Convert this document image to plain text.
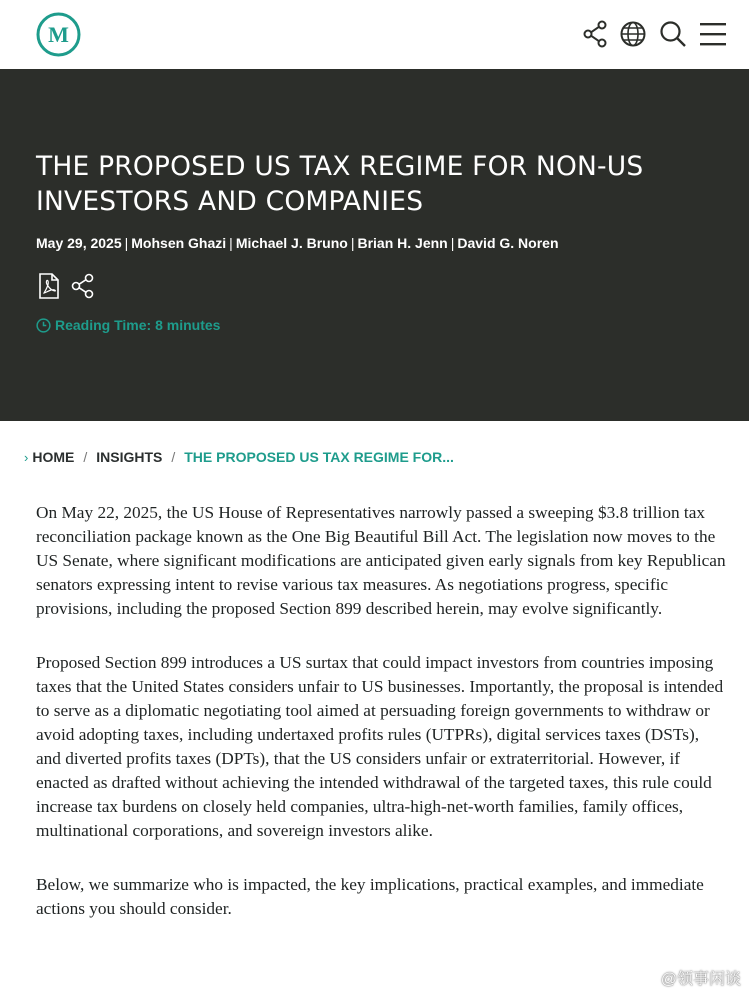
M
THE PROPOSED US TAX REGIME FOR NON-US
INVESTORS AND COMPANIES
May 29, 2025 | Mohsen Ghazi | Michael J. Bruno | Brian H. Jenn | David G. Noren
Reading Time: 8 minutes
› HOME / INSIGHTS / THE PROPOSED US TAX REGIME FOR...

On May 22, 2025, the US House of Representatives narrowly passed a sweeping $3.8 trillion tax reconciliation package known as the One Big Beautiful Bill Act. The legislation now moves to the US Senate, where significant modifications are anticipated given early signals from key Republican senators expressing intent to revise various tax measures. As negotiations progress, specific provisions, including the proposed Section 899 described herein, may evolve significantly.

Proposed Section 899 introduces a US surtax that could impact investors from countries imposing taxes that the United States considers unfair to US businesses. Importantly, the proposal is intended to serve as a diplomatic negotiating tool aimed at persuading foreign governments to withdraw or avoid adopting taxes, including undertaxed profits rules (UTPRs), digital services taxes (DSTs), and diverted profits taxes (DPTs), that the US considers unfair or extraterritorial. However, if enacted as drafted without achieving the intended withdrawal of the targeted taxes, this rule could increase tax burdens on closely held companies, ultra-high-net-worth families, family offices, multinational corporations, and sovereign investors alike.

Below, we summarize who is impacted, the key implications, practical examples, and immediate actions you should consider.

@领事闲谈
